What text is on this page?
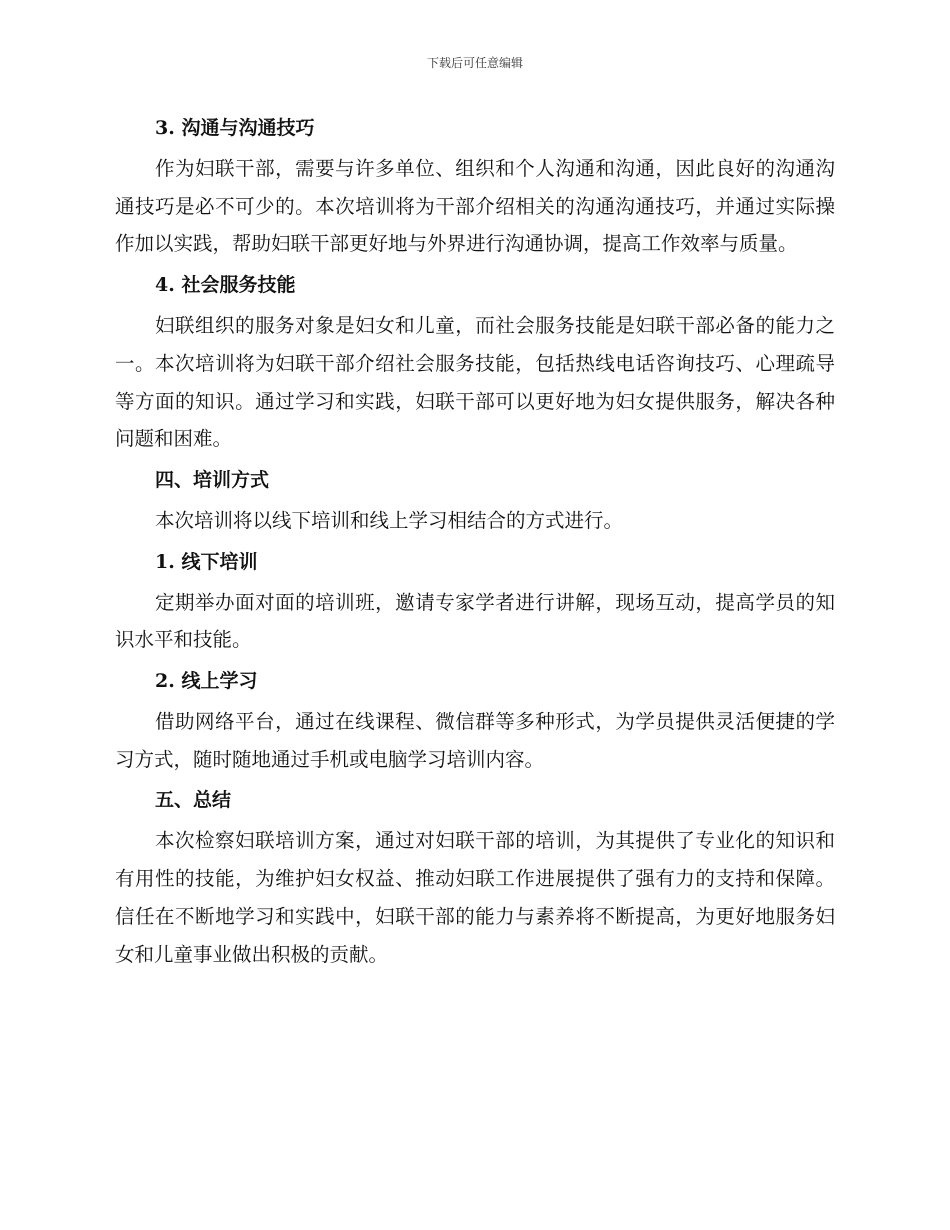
下载后可任意编辑
3. 沟通与沟通技巧

作为妇联干部，需要与许多单位、组织和个人沟通和沟通，因此良好的沟通沟通技巧是必不可少的。本次培训将为干部介绍相关的沟通沟通技巧，并通过实际操作加以实践，帮助妇联干部更好地与外界进行沟通协调，提高工作效率与质量。

4. 社会服务技能

妇联组织的服务对象是妇女和儿童，而社会服务技能是妇联干部必备的能力之一。本次培训将为妇联干部介绍社会服务技能，包括热线电话咨询技巧、心理疏导等方面的知识。通过学习和实践，妇联干部可以更好地为妇女提供服务，解决各种问题和困难。

四、培训方式

本次培训将以线下培训和线上学习相结合的方式进行。

1. 线下培训

定期举办面对面的培训班，邀请专家学者进行讲解，现场互动，提高学员的知识水平和技能。

2. 线上学习

借助网络平台，通过在线课程、微信群等多种形式，为学员提供灵活便捷的学习方式，随时随地通过手机或电脑学习培训内容。

五、总结

本次检察妇联培训方案，通过对妇联干部的培训，为其提供了专业化的知识和有用性的技能，为维护妇女权益、推动妇联工作进展提供了强有力的支持和保障。信任在不断地学习和实践中，妇联干部的能力与素养将不断提高，为更好地服务妇女和儿童事业做出积极的贡献。
